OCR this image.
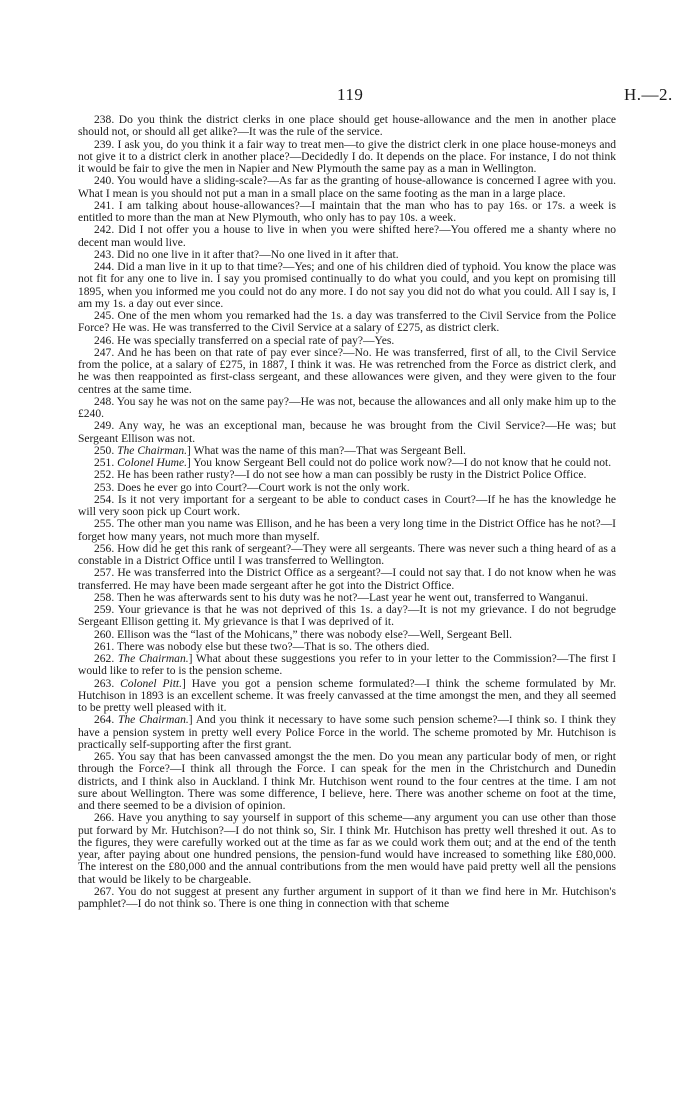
119	H.—2.

238. Do you think the district clerks in one place should get house-allowance and the men in another place should not, or should all get alike?—It was the rule of the service.

239. I ask you, do you think it a fair way to treat men—to give the district clerk in one place house-moneys and not give it to a district clerk in another place?—Decidedly I do. It depends on the place. For instance, I do not think it would be fair to give the men in Napier and New Plymouth the same pay as a man in Wellington.

240. You would have a sliding-scale?—As far as the granting of house-allowance is concerned I agree with you. What I mean is you should not put a man in a small place on the same footing as the man in a large place.

241. I am talking about house-allowances?—I maintain that the man who has to pay 16s. or 17s. a week is entitled to more than the man at New Plymouth, who only has to pay 10s. a week.

242. Did I not offer you a house to live in when you were shifted here?—You offered me a shanty where no decent man would live.

243. Did no one live in it after that?—No one lived in it after that.

244. Did a man live in it up to that time?—Yes; and one of his children died of typhoid. You know the place was not fit for any one to live in. I say you promised continually to do what you could, and you kept on promising till 1895, when you informed me you could not do any more. I do not say you did not do what you could. All I say is, I am my 1s. a day out ever since.

245. One of the men whom you remarked had the 1s. a day was transferred to the Civil Service from the Police Force? He was. He was transferred to the Civil Service at a salary of £275, as district clerk.

246. He was specially transferred on a special rate of pay?—Yes.

247. And he has been on that rate of pay ever since?—No. He was transferred, first of all, to the Civil Service from the police, at a salary of £275, in 1887, I think it was. He was retrenched from the Force as district clerk, and he was then reappointed as first-class sergeant, and these allowances were given, and they were given to the four centres at the same time.

248. You say he was not on the same pay?—He was not, because the allowances and all only make him up to the £240.

249. Any way, he was an exceptional man, because he was brought from the Civil Service?—He was; but Sergeant Ellison was not.

250. The Chairman.] What was the name of this man?—That was Sergeant Bell.

251. Colonel Hume.] You know Sergeant Bell could not do police work now?—I do not know that he could not.

252. He has been rather rusty?—I do not see how a man can possibly be rusty in the District Police Office.

253. Does he ever go into Court?—Court work is not the only work.

254. Is it not very important for a sergeant to be able to conduct cases in Court?—If he has the knowledge he will very soon pick up Court work.

255. The other man you name was Ellison, and he has been a very long time in the District Office has he not?—I forget how many years, not much more than myself.

256. How did he get this rank of sergeant?—They were all sergeants. There was never such a thing heard of as a constable in a District Office until I was transferred to Wellington.

257. He was transferred into the District Office as a sergeant?—I could not say that. I do not know when he was transferred. He may have been made sergeant after he got into the District Office.

258. Then he was afterwards sent to his duty was he not?—Last year he went out, transferred to Wanganui.

259. Your grievance is that he was not deprived of this 1s. a day?—It is not my grievance. I do not begrudge Sergeant Ellison getting it. My grievance is that I was deprived of it.

260. Ellison was the “last of the Mohicans,” there was nobody else?—Well, Sergeant Bell.

261. There was nobody else but these two?—That is so. The others died.

262. The Chairman.] What about these suggestions you refer to in your letter to the Commission?—The first I would like to refer to is the pension scheme.

263. Colonel Pitt.] Have you got a pension scheme formulated?—I think the scheme formulated by Mr. Hutchison in 1893 is an excellent scheme. It was freely canvassed at the time amongst the men, and they all seemed to be pretty well pleased with it.

264. The Chairman.] And you think it necessary to have some such pension scheme?—I think so. I think they have a pension system in pretty well every Police Force in the world. The scheme promoted by Mr. Hutchison is practically self-supporting after the first grant.

265. You say that has been canvassed amongst the the men. Do you mean any particular body of men, or right through the Force?—I think all through the Force. I can speak for the men in the Christchurch and Dunedin districts, and I think also in Auckland. I think Mr. Hutchison went round to the four centres at the time. I am not sure about Wellington. There was some difference, I believe, here. There was another scheme on foot at the time, and there seemed to be a division of opinion.

266. Have you anything to say yourself in support of this scheme—any argument you can use other than those put forward by Mr. Hutchison?—I do not think so, Sir. I think Mr. Hutchison has pretty well threshed it out. As to the figures, they were carefully worked out at the time as far as we could work them out; and at the end of the tenth year, after paying about one hundred pensions, the pension-fund would have increased to something like £80,000. The interest on the £80,000 and the annual contributions from the men would have paid pretty well all the pensions that would be likely to be chargeable.

267. You do not suggest at present any further argument in support of it than we find here in Mr. Hutchison's pamphlet?—I do not think so. There is one thing in connection with that scheme
